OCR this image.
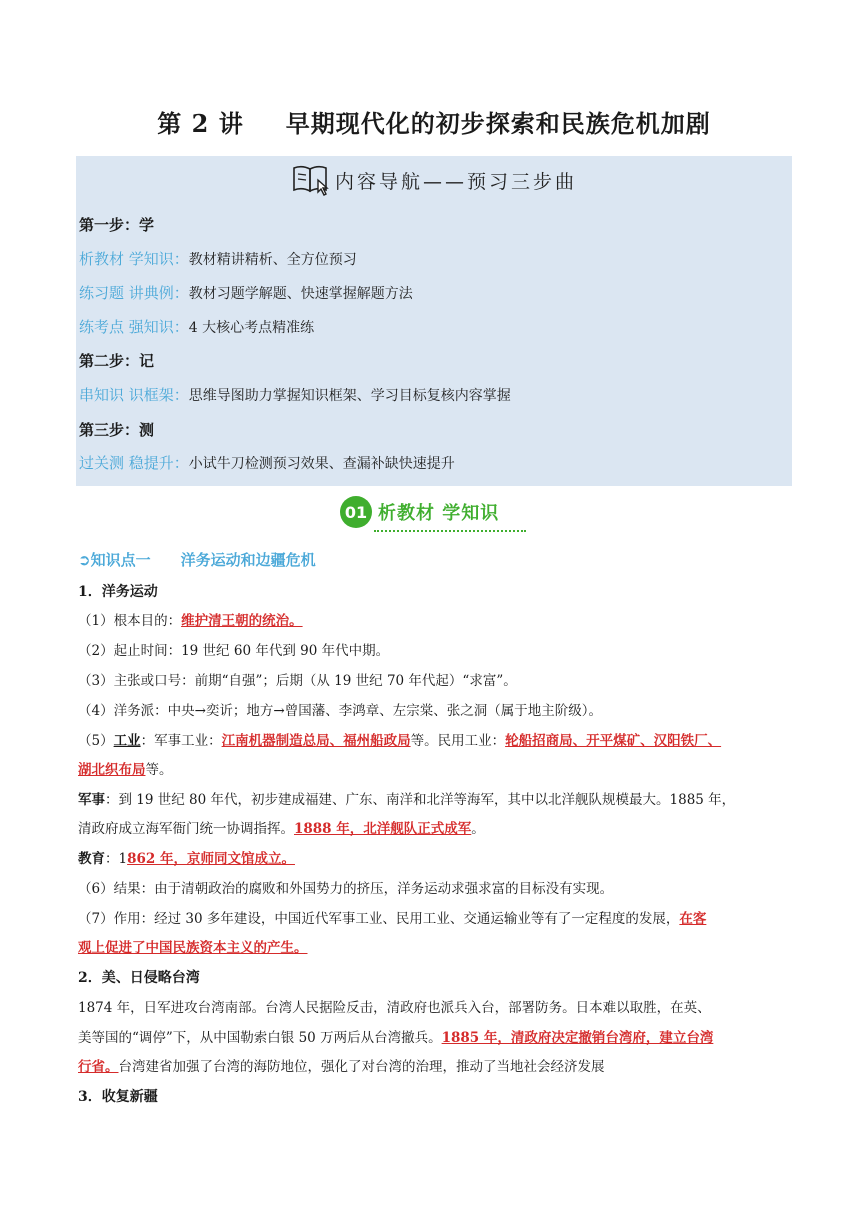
第 2 讲 早期现代化的初步探索和民族危机加剧
内容导航——预习三步曲
第一步：学
析教材 学知识：教材精讲精析、全方位预习
练习题 讲典例：教材习题学解题、快速掌握解题方法
练考点 强知识：4 大核心考点精准练
第二步：记
串知识 识框架：思维导图助力掌握知识框架、学习目标复核内容掌握
第三步：测
过关测 稳提升：小试牛刀检测预习效果、查漏补缺快速提升
01 析教材 学知识
➲知识点一 洋务运动和边疆危机
1．洋务运动
（1）根本目的：维护清王朝的统治。
（2）起止时间：19 世纪 60 年代到 90 年代中期。
（3）主张或口号：前期“自强”；后期（从 19 世纪 70 年代起）“求富”。
（4）洋务派：中央→奕䜣；地方→曾国藩、李鸿章、左宗棠、张之洞（属于地主阶级）。
（5）工业：军事工业：江南机器制造总局、福州船政局等。民用工业：轮船招商局、开平煤矿、汉阳铁厂、
湖北织布局等。
军事：到 19 世纪 80 年代，初步建成福建、广东、南洋和北洋等海军，其中以北洋舰队规模最大。1885 年，
清政府成立海军衙门统一协调指挥。1888 年，北洋舰队正式成军。
教育：1862 年，京师同文馆成立。
（6）结果：由于清朝政治的腐败和外国势力的挤压，洋务运动求强求富的目标没有实现。
（7）作用：经过 30 多年建设，中国近代军事工业、民用工业、交通运输业等有了一定程度的发展，在客
观上促进了中国民族资本主义的产生。
2．美、日侵略台湾
1874 年，日军进攻台湾南部。台湾人民据险反击，清政府也派兵入台，部署防务。日本难以取胜，在英、
美等国的“调停”下，从中国勒索白银 50 万两后从台湾撤兵。1885 年，清政府决定撤销台湾府，建立台湾
行省。台湾建省加强了台湾的海防地位，强化了对台湾的治理，推动了当地社会经济发展
3．收复新疆
